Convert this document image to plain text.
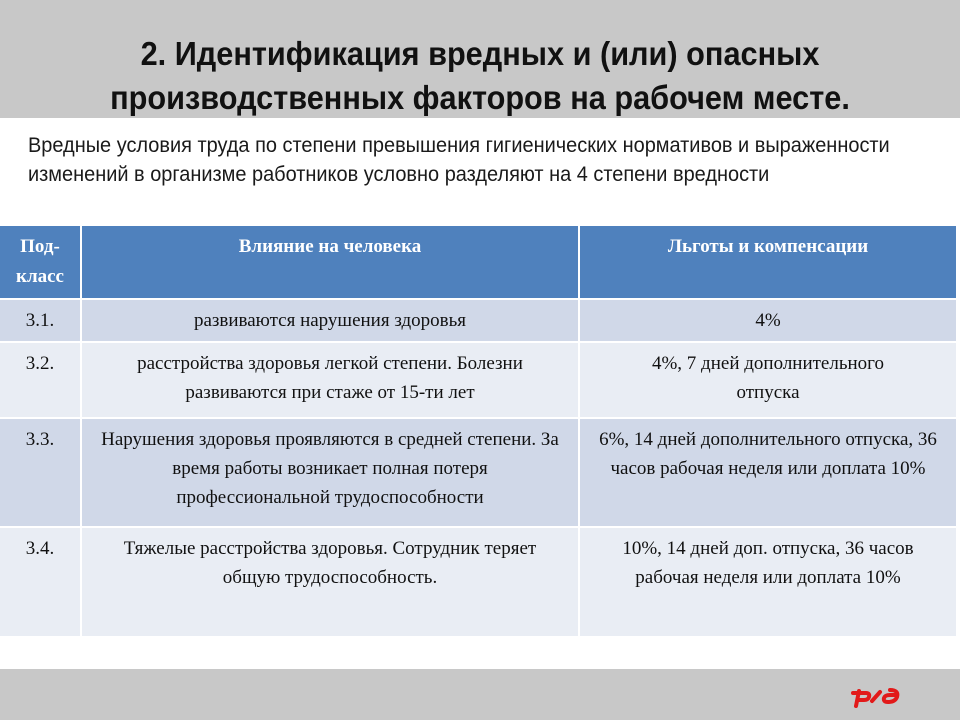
2. Идентификация вредных и (или) опасных
производственных факторов на рабочем месте.
Вредные условия труда по степени превышения гигиенических нормативов и выраженности изменений в организме работников условно разделяют на 4 степени вредности
Под-класс	Влияние на человека	Льготы и компенсации
3.1.	развиваются нарушения здоровья	4%
3.2.	расстройства здоровья легкой степени. Болезни развиваются при стаже от 15-ти лет	4%, 7 дней дополнительного отпуска
3.3.	Нарушения здоровья проявляются в средней степени. За время работы возникает полная потеря профессиональной трудоспособности	6%, 14 дней дополнительного отпуска, 36 часов рабочая неделя или доплата 10%
3.4.	Тяжелые расстройства здоровья. Сотрудник теряет общую трудоспособность.	10%, 14 дней доп. отпуска, 36 часов рабочая неделя или доплата 10%
